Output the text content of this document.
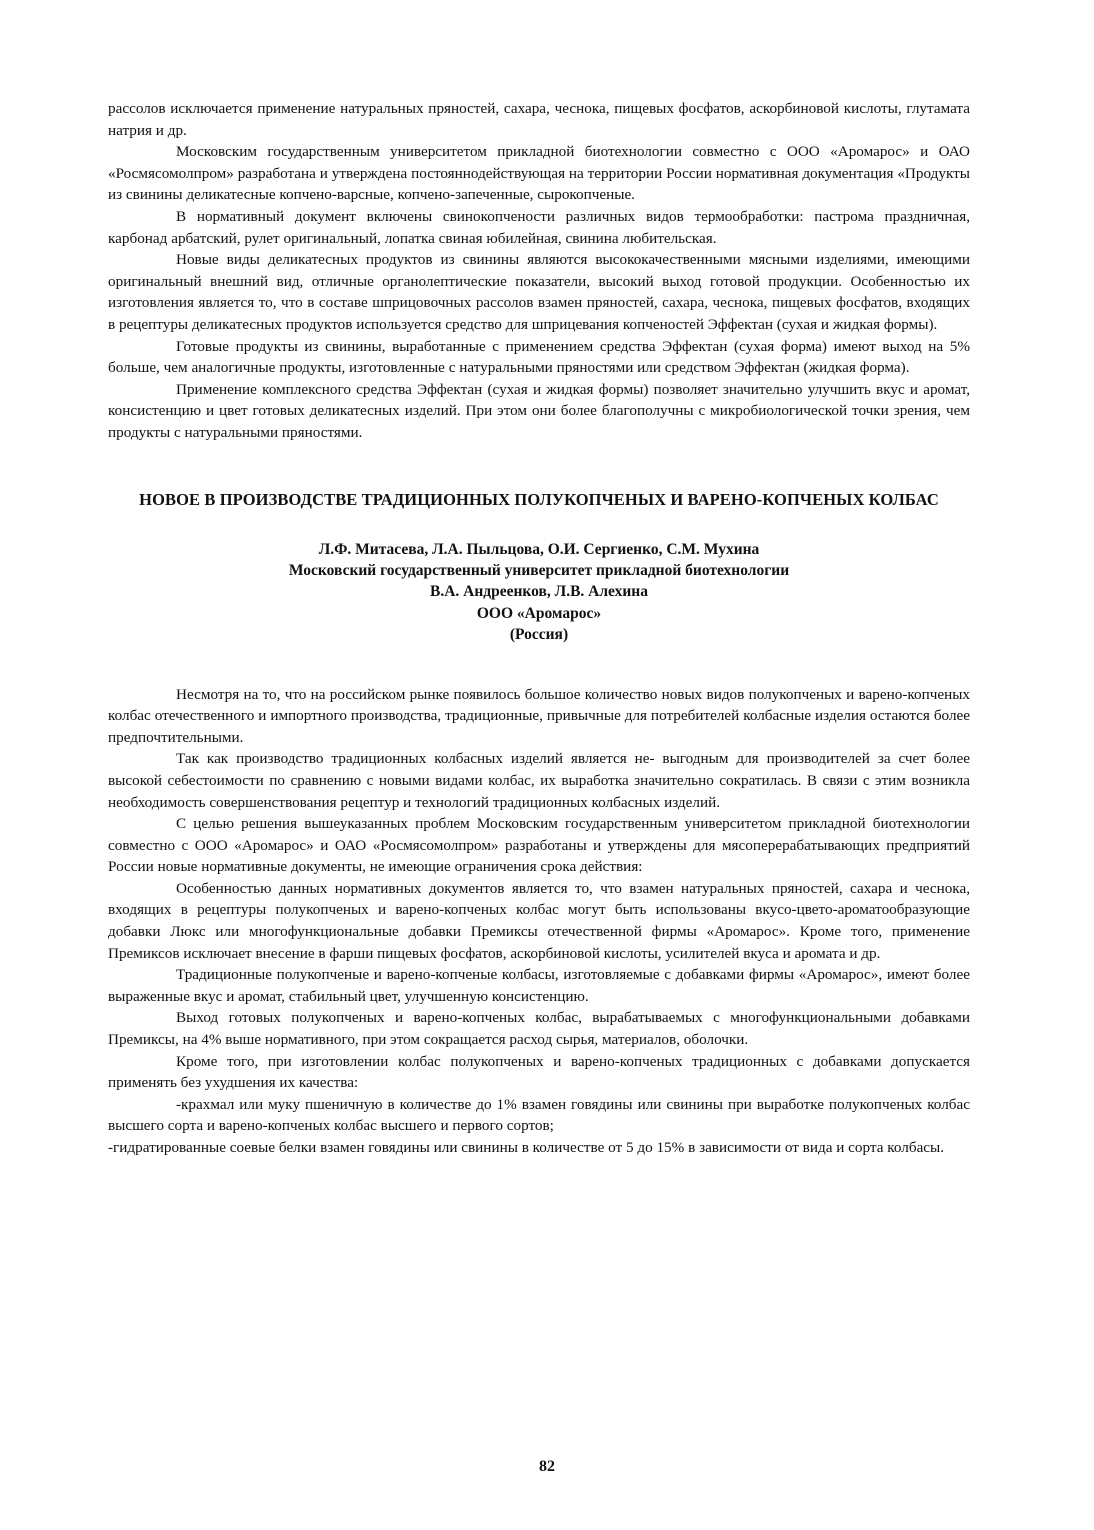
рассолов исключается применение натуральных пряностей, сахара, чеснока, пищевых фосфатов, аскорбиновой кислоты, глутамата натрия и др.

Московским государственным университетом прикладной биотехнологии совместно с ООО «Аромарос» и ОАО «Росмясомолпром» разработана и утверждена постояннодействующая на территории России нормативная документация «Продукты из свинины деликатесные копчено-варсные, копчено-запеченные, сырокопченые.

В нормативный документ включены свинокопчености различных видов термообработки: пастрома праздничная, карбонад арбатский, рулет оригинальный, лопатка свиная юбилейная, свинина любительская.

Новые виды деликатесных продуктов из свинины являются высококачественными мясными изделиями, имеющими оригинальный внешний вид, отличные органолептические показатели, высокий выход готовой продукции. Особенностью их изготовления является то, что в составе шприцовочных рассолов взамен пряностей, сахара, чеснока, пищевых фосфатов, входящих в рецептуры деликатесных продуктов используется средство для шприцевания копченостей Эффектан (сухая и жидкая формы).

Готовые продукты из свинины, выработанные с применением средства Эффектан (сухая форма) имеют выход на 5% больше, чем аналогичные продукты, изготовленные с натуральными пряностями или средством Эффектан (жидкая форма).

Применение комплексного средства Эффектан (сухая и жидкая формы) позволяет значительно улучшить вкус и аромат, консистенцию и цвет готовых деликатесных изделий. При этом они более благополучны с микробиологической точки зрения, чем продукты с натуральными пряностями.

НОВОЕ В ПРОИЗВОДСТВЕ ТРАДИЦИОННЫХ ПОЛУКОПЧЕНЫХ И ВАРЕНО-КОПЧЕНЫХ КОЛБАС
Л.Ф. Митасева, Л.А. Пыльцова, О.И. Сергиенко, С.М. Мухина
Московский государственный университет прикладной биотехнологии
В.А. Андреенков, Л.В. Алехина
ООО «Аромарос»
(Россия)

Несмотря на то, что на российском рынке появилось большое количество новых видов полукопченых и варено-копченых колбас отечественного и импортного производства, традиционные, привычные для потребителей колбасные изделия остаются более предпочтительными.

Так как производство традиционных колбасных изделий является не- выгодным для производителей за счет более высокой себестоимости по сравнению с новыми видами колбас, их выработка значительно сократилась. В связи с этим возникла необходимость совершенствования рецептур и технологий традиционных колбасных изделий.

С целью решения вышеуказанных проблем Московским государственным университетом прикладной биотехнологии совместно с ООО «Аромарос» и ОАО «Росмясомолпром» разработаны и утверждены для мясоперерабатывающих предприятий России новые нормативные документы, не имеющие ограничения срока действия:

Особенностью данных нормативных документов является то, что взамен натуральных пряностей, сахара и чеснока, входящих в рецептуры полукопченых и варено-копченых колбас могут быть использованы вкусо-цвето-ароматообразующие добавки Люкс или многофункциональные добавки Премиксы отечественной фирмы «Аромарос». Кроме того, применение Премиксов исключает внесение в фарши пищевых фосфатов, аскорбиновой кислоты, усилителей вкуса и аромата и др.

Традиционные полукопченые и варено-копченые колбасы, изготовляемые с добавками фирмы «Аромарос», имеют более выраженные вкус и аромат, стабильный цвет, улучшенную консистенцию.

Выход готовых полукопченых и варено-копченых колбас, вырабатываемых с многофункциональными добавками Премиксы, на 4% выше нормативного, при этом сокращается расход сырья, материалов, оболочки.

Кроме того, при изготовлении колбас полукопченых и варено-копченых традиционных с добавками допускается применять без ухудшения их качества:

-крахмал или муку пшеничную в количестве до 1% взамен говядины или свинины при выработке полукопченых колбас высшего сорта и варено-копченых колбас высшего и первого сортов;

-гидратированные соевые белки взамен говядины или свинины в количестве от 5 до 15% в зависимости от вида и сорта колбасы.

82
